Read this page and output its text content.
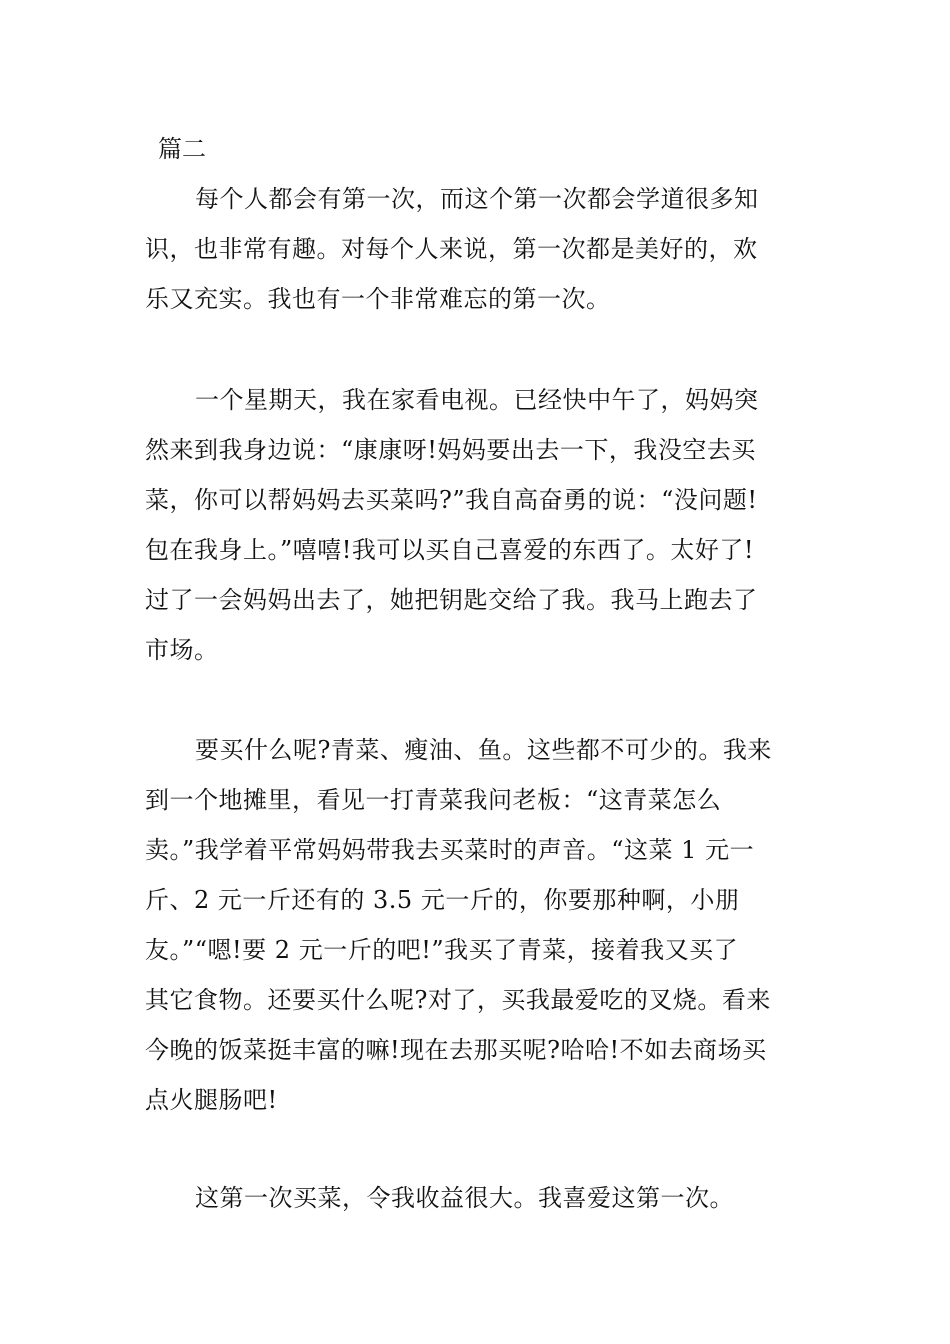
篇二
每个人都会有第一次，而这个第一次都会学道很多知
识，也非常有趣。对每个人来说，第一次都是美好的，欢
乐又充实。我也有一个非常难忘的第一次。
一个星期天，我在家看电视。已经快中午了，妈妈突
然来到我身边说：“康康呀!妈妈要出去一下，我没空去买
菜，你可以帮妈妈去买菜吗?”我自高奋勇的说：“没问题!
包在我身上。”嘻嘻!我可以买自己喜爱的东西了。太好了!
过了一会妈妈出去了，她把钥匙交给了我。我马上跑去了
市场。
要买什么呢?青菜、瘦油、鱼。这些都不可少的。我来
到一个地摊里，看见一打青菜我问老板：“这青菜怎么
卖。”我学着平常妈妈带我去买菜时的声音。“这菜 1 元一
斤、2 元一斤还有的 3.5 元一斤的，你要那种啊，小朋
友。”“嗯!要 2 元一斤的吧!”我买了青菜，接着我又买了
其它食物。还要买什么呢?对了，买我最爱吃的叉烧。看来
今晚的饭菜挺丰富的嘛!现在去那买呢?哈哈!不如去商场买
点火腿肠吧!
这第一次买菜，令我收益很大。我喜爱这第一次。
